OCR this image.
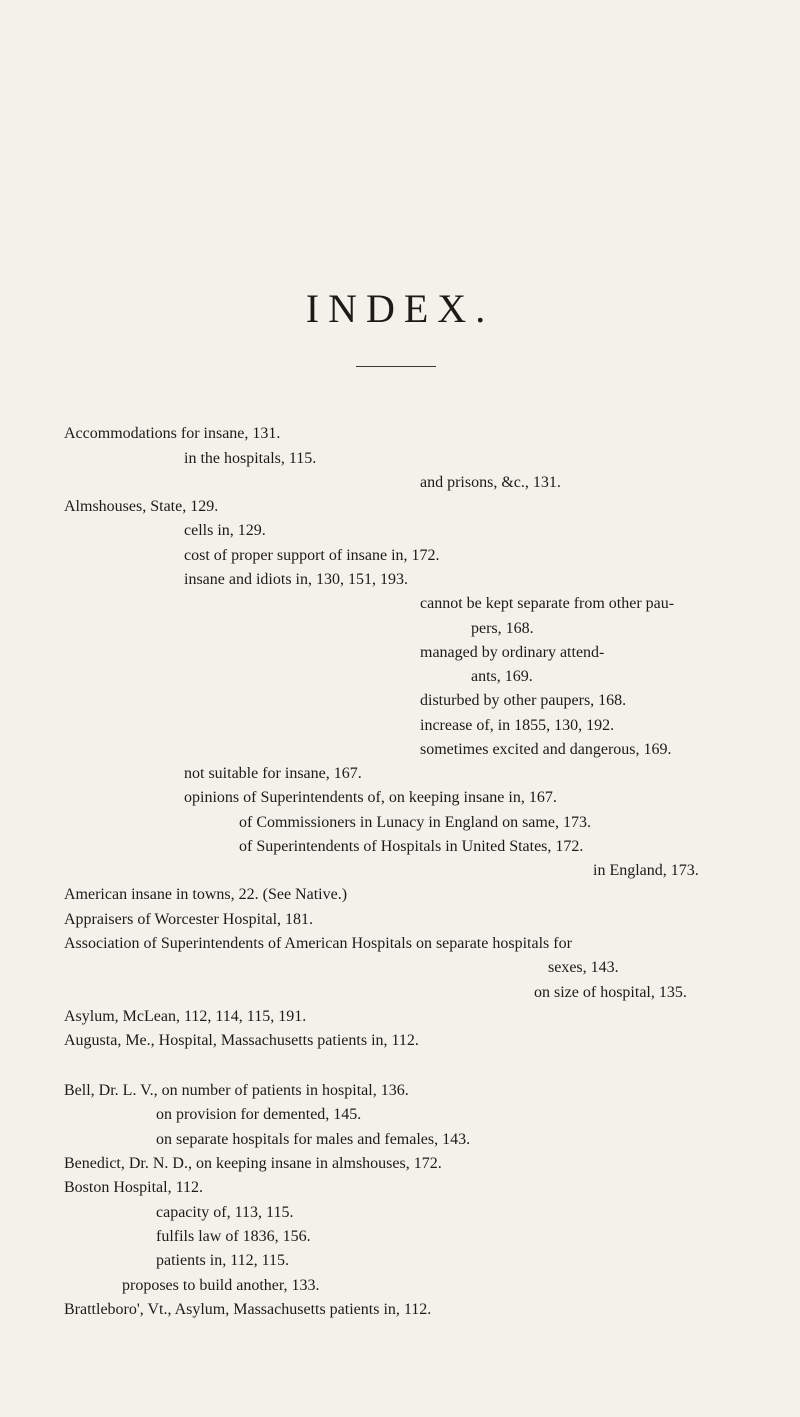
INDEX.
Accommodations for insane, 131.
in the hospitals, 115.
and prisons, &c., 131.
Almshouses, State, 129.
cells in, 129.
cost of proper support of insane in, 172.
insane and idiots in, 130, 151, 193.
cannot be kept separate from other pau-
pers, 168.
managed by ordinary attend-
ants, 169.
disturbed by other paupers, 168.
increase of, in 1855, 130, 192.
sometimes excited and dangerous, 169.
not suitable for insane, 167.
opinions of Superintendents of, on keeping insane in, 167.
of Commissioners in Lunacy in England on same, 173.
of Superintendents of Hospitals in United States, 172.
in England, 173.
American insane in towns, 22. (See Native.)
Appraisers of Worcester Hospital, 181.
Association of Superintendents of American Hospitals on separate hospitals for
sexes, 143.
on size of hospital, 135.
Asylum, McLean, 112, 114, 115, 191.
Augusta, Me., Hospital, Massachusetts patients in, 112.
Bell, Dr. L. V., on number of patients in hospital, 136.
on provision for demented, 145.
on separate hospitals for males and females, 143.
Benedict, Dr. N. D., on keeping insane in almshouses, 172.
Boston Hospital, 112.
capacity of, 113, 115.
fulfils law of 1836, 156.
patients in, 112, 115.
proposes to build another, 133.
Brattleboro', Vt., Asylum, Massachusetts patients in, 112.
